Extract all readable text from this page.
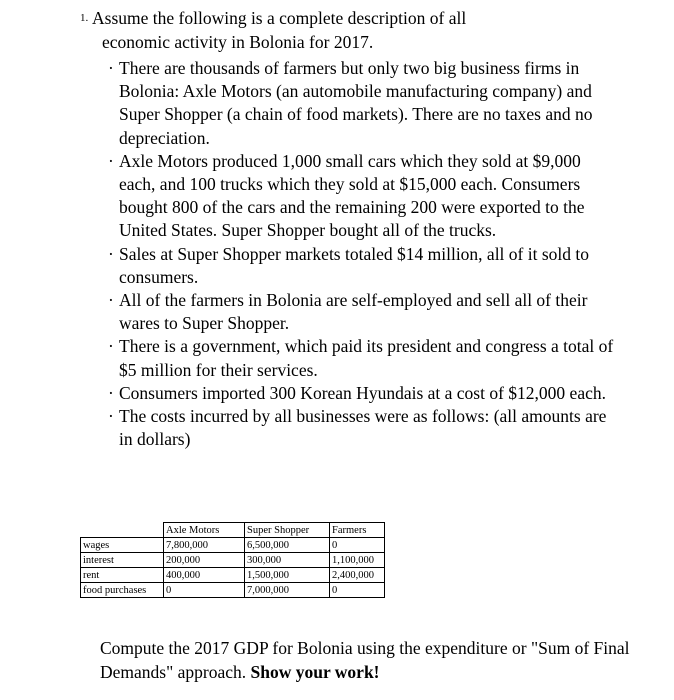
1. Assume the following is a complete description of all

economic activity in Bolonia for 2017.

· There are thousands of farmers but only two big business firms in Bolonia: Axle Motors (an automobile manufacturing company) and Super Shopper (a chain of food markets). There are no taxes and no depreciation.
· Axle Motors produced 1,000 small cars which they sold at $9,000 each, and 100 trucks which they sold at $15,000 each. Consumers bought 800 of the cars and the remaining 200 were exported to the United States. Super Shopper bought all of the trucks.
· Sales at Super Shopper markets totaled $14 million, all of it sold to consumers.
· All of the farmers in Bolonia are self-employed and sell all of their wares to Super Shopper.
· There is a government, which paid its president and congress a total of $5 million for their services.
· Consumers imported 300 Korean Hyundais at a cost of $12,000 each.
· The costs incurred by all businesses were as follows: (all amounts are in dollars)
	Axle Motors	Super Shopper	Farmers
wages	7,800,000	6,500,000	0
interest	200,000	300,000	1,100,000
rent	400,000	1,500,000	2,400,000
food purchases	0	7,000,000	0
Compute the 2017 GDP for Bolonia using the expenditure or "Sum of Final Demands" approach. Show your work!
